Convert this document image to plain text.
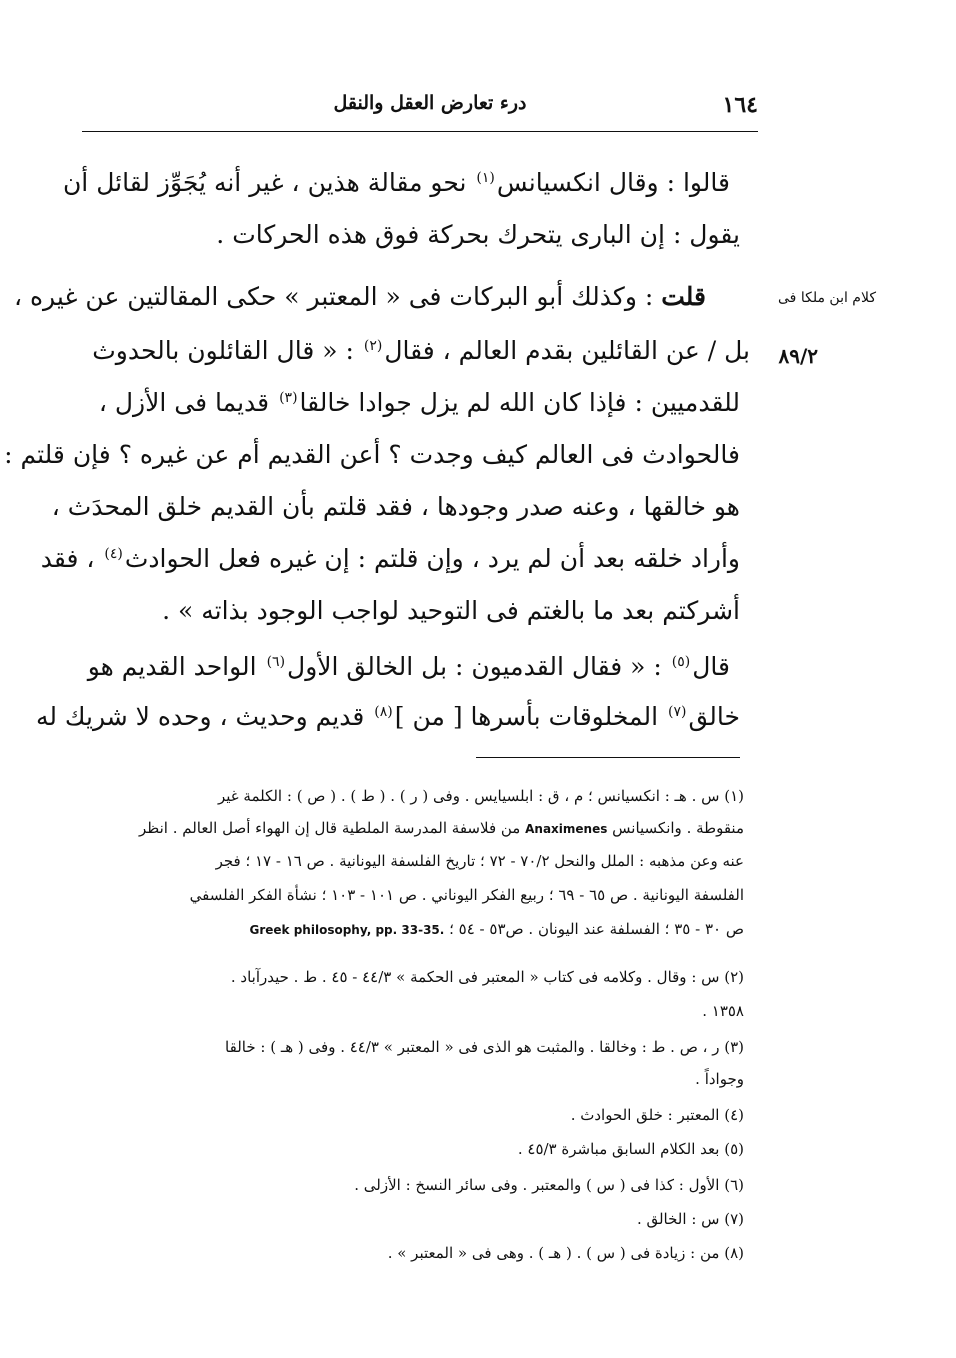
١٦٤
درء تعارض العقل والنقل
كلام ابن ملكا فى
٨٩/٢
قالوا : وقال انكسيانس$^{(١)}$ نحو مقالة هذين ، غير أنه يُجَوِّز لقائل أن
يقول : إن البارى يتحرك بحركة فوق هذه الحركات .
قلت : وكذلك أبو البركات فى « المعتبر » حكى المقالتين عن غيره ،
بل / عن القائلين بقدم العالم ، فقال$^{(٢)}$ : « قال القائلون بالحدوث
للقدميين : فإذا كان الله لم يزل جوادا خالقا$^{(٣)}$ قديما فى الأزل ،
فالحوادث فى العالم كيف وجدت ؟ أعن القديم أم عن غيره ؟ فإن قلتم :
هو خالقها ، وعنه صدر وجودها ، فقد قلتم بأن القديم خلق المحدَث ،
وأراد خلقه بعد أن لم يرد ، وإن قلتم : إن غيره فعل الحوادث$^{(٤)}$ ، فقد
أشركتم بعد ما بالغتم فى التوحيد لواجب الوجود بذاته » .
قال$^{(٥)}$ : « فقال القدميون : بل الخالق الأول$^{(٦)}$ الواحد القديم هو
خالق$^{(٧)}$ المخلوقات بأسرها [ من ]$^{(٨)}$ قديم وحديث ، وحده لا شريك له
(١) س . هـ : انكسيانس ؛ م ، ق : ابلسيايس . وفى ( ر ) . ( ط ) . ( ص ) : الكلمة غير
منقوطة . وانكسيانس Anaximenes من فلاسفة المدرسة الملطية قال إن الهواء أصل العالم . انظر
عنه وعن مذهبه : الملل والنحل ٧٠/٢ - ٧٢ ؛ تاريخ الفلسفة اليونانية . ص ١٦ - ١٧ ؛ فجر
الفلسفة اليونانية . ص ٦٥ - ٦٩ ؛ ربيع الفكر اليوناني . ص ١٠١ - ١٠٣ ؛ نشأة الفكر الفلسفي
ص ٣٠ - ٣٥ ؛ الفسلفة عند اليونان . ص٥٣ - ٥٤ ؛ Greek philosophy, pp. 33-35.
(٢) س : وقال . وكلامه فى كتاب « المعتبر فى الحكمة » ٤٤/٣ - ٤٥ . ط . حيدرآباد .
١٣٥٨ .
(٣) ر ، ص . ط : وخالقا . والمثبت هو الذى فى « المعتبر » ٤٤/٣ . وفى ( هـ ) : خالقا
وجواداً .
(٤) المعتبر : خلق الحوادث .
(٥) بعد الكلام السابق مباشرة ٤٥/٣ .
(٦) الأول : كذا فى ( س ) والمعتبر . وفى سائر النسخ : الأزلى .
(٧) س : الخالق .
(٨) من : زيادة فى ( س ) . ( هـ ) . وهى فى « المعتبر » .
